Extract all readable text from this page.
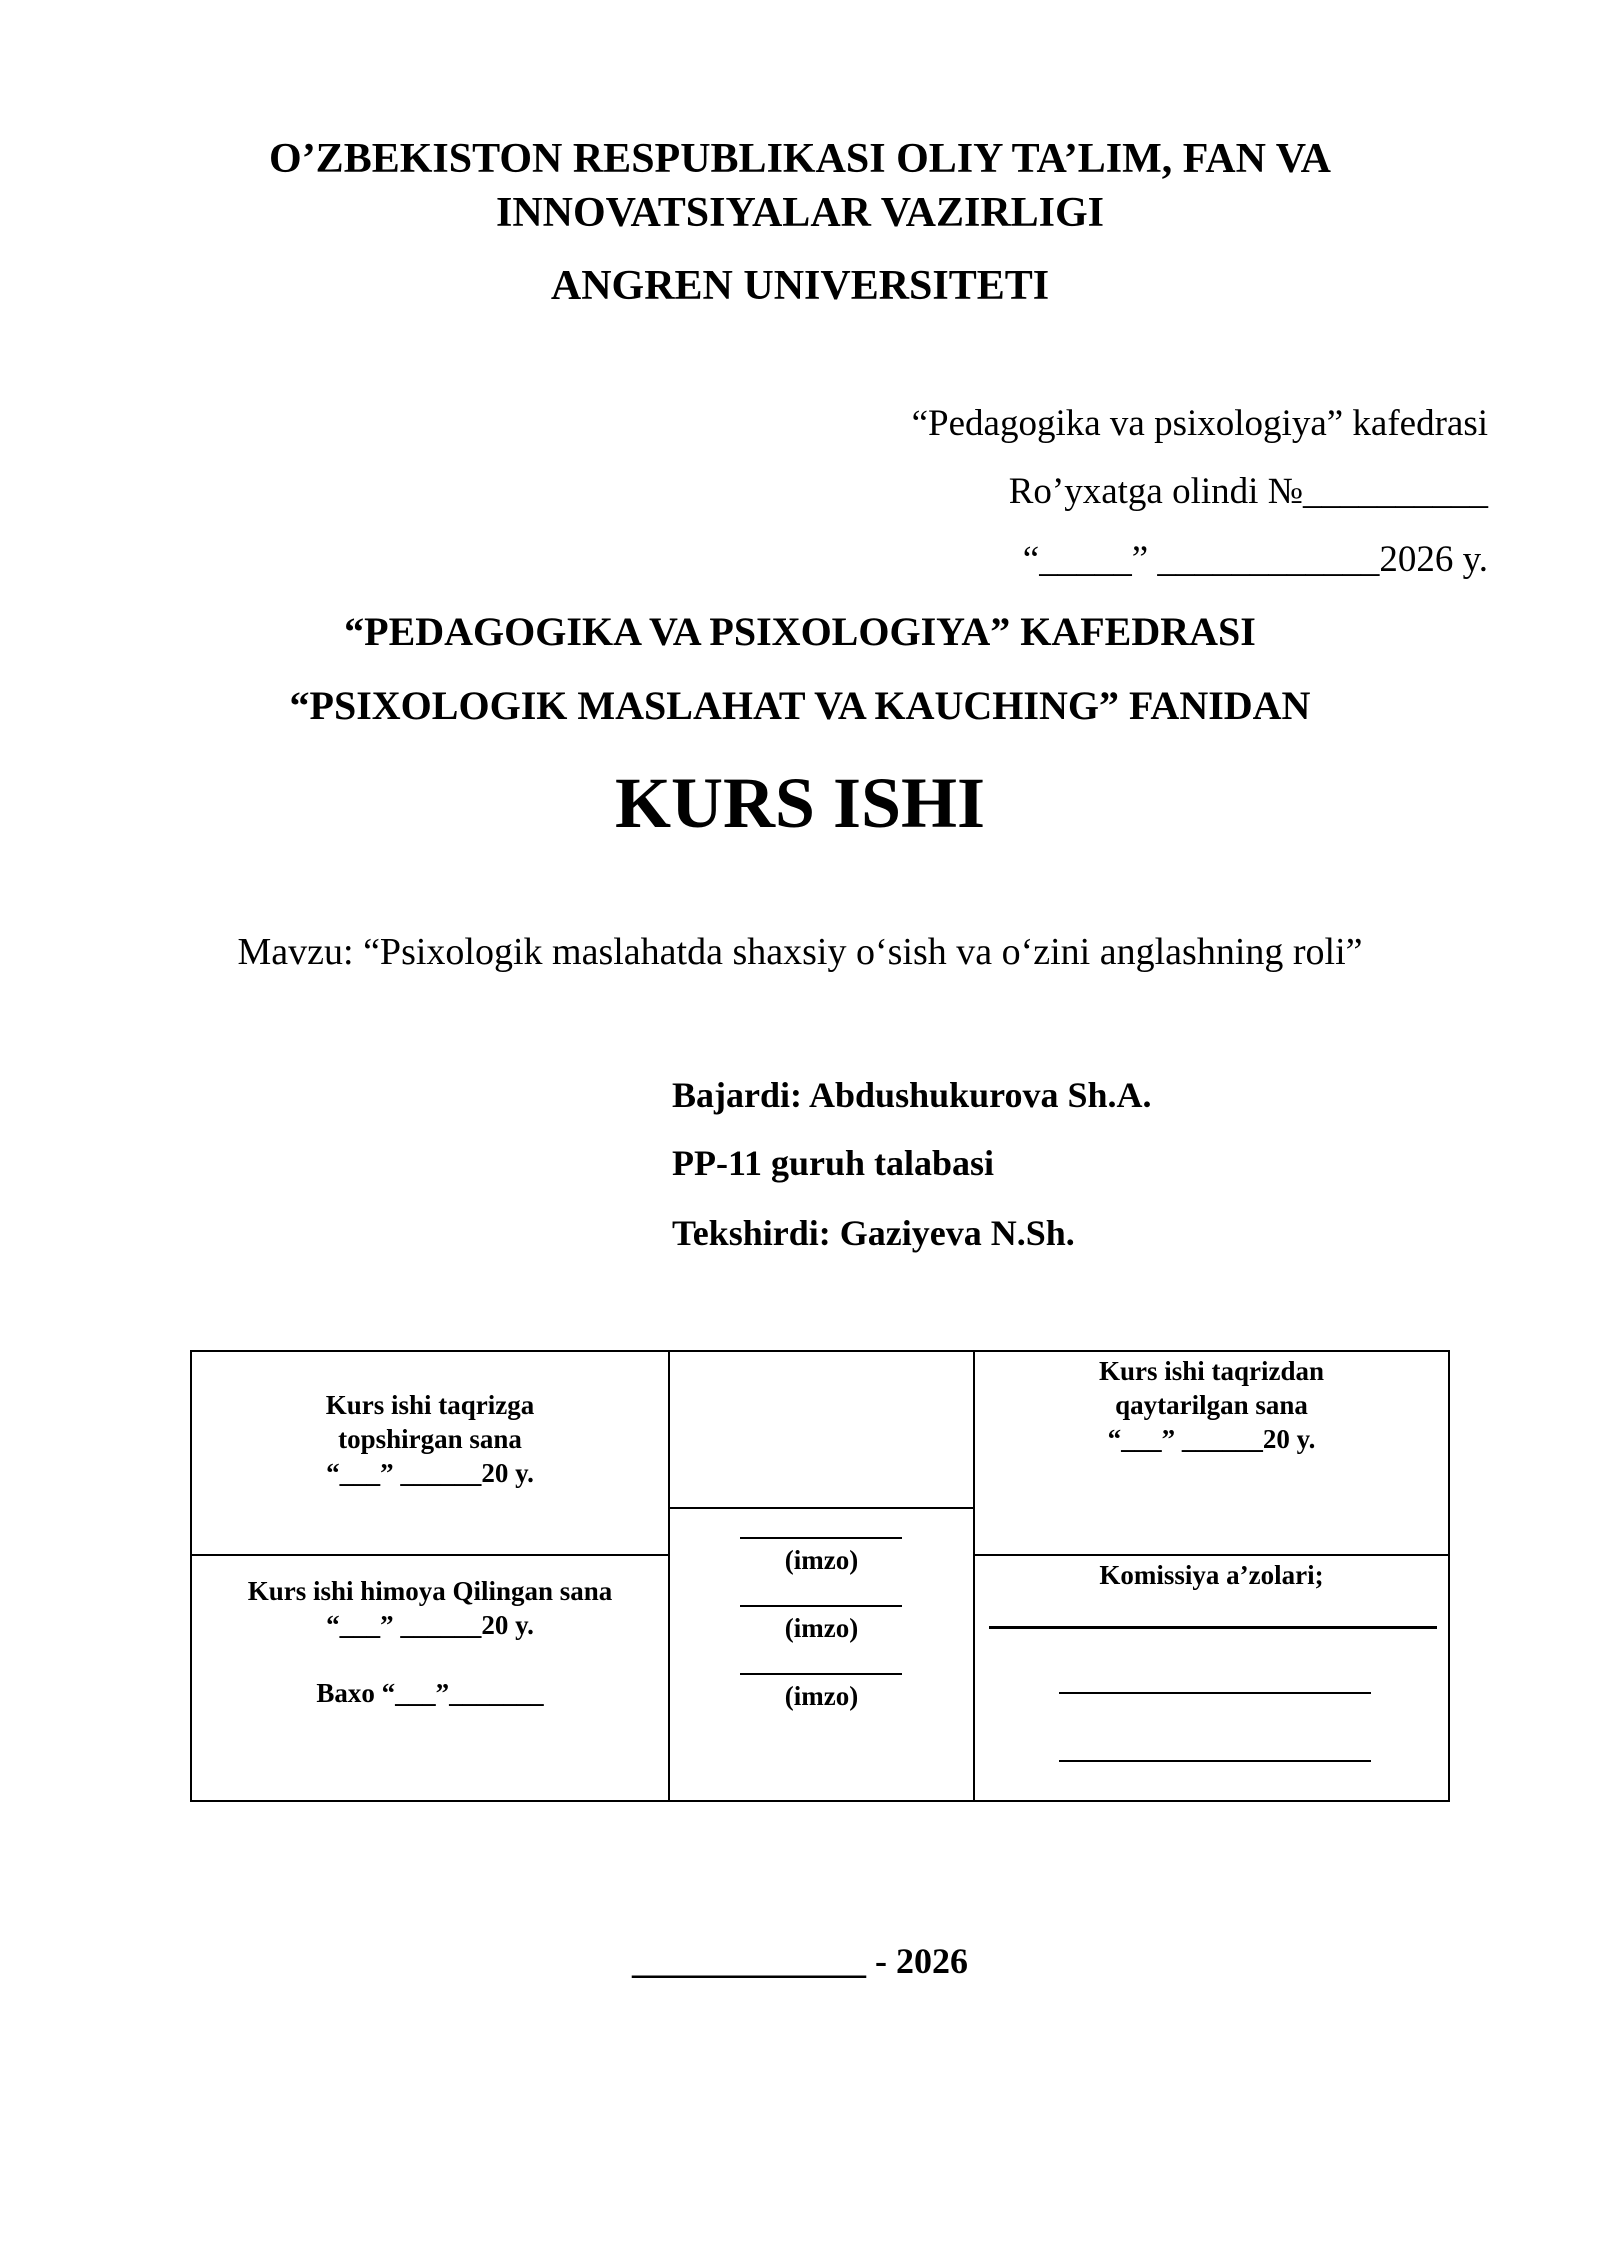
O’ZBEKISTON RESPUBLIKASI OLIY TA’LIM, FAN VA
INNOVATSIYALAR VAZIRLIGI
ANGREN UNIVERSITETI
“Pedagogika va psixologiya” kafedrasi
Ro’yxatga olindi №__________
“_____” ____________2026 y.
“PEDAGOGIKA VA PSIXOLOGIYA” KAFEDRASI
“PSIXOLOGIK MASLAHAT VA KAUCHING” FANIDAN
KURS ISHI
Mavzu: “Psixologik maslahatda shaxsiy o‘sish va o‘zini anglashning roli”
Bajardi: Abdushukurova Sh.A.
PP-11 guruh talabasi
Tekshirdi: Gaziyeva N.Sh.
Kurs ishi taqrizga
topshirgan sana
“___” ______20 y.
Kurs ishi taqrizdan
qaytarilgan sana
“___” ______20 y.
Kurs ishi himoya Qilingan sana
“___” ______20 y.
Baxo “___”_______
(imzo)
(imzo)
(imzo)
Komissiya a’zolari;
_____________ - 2026
